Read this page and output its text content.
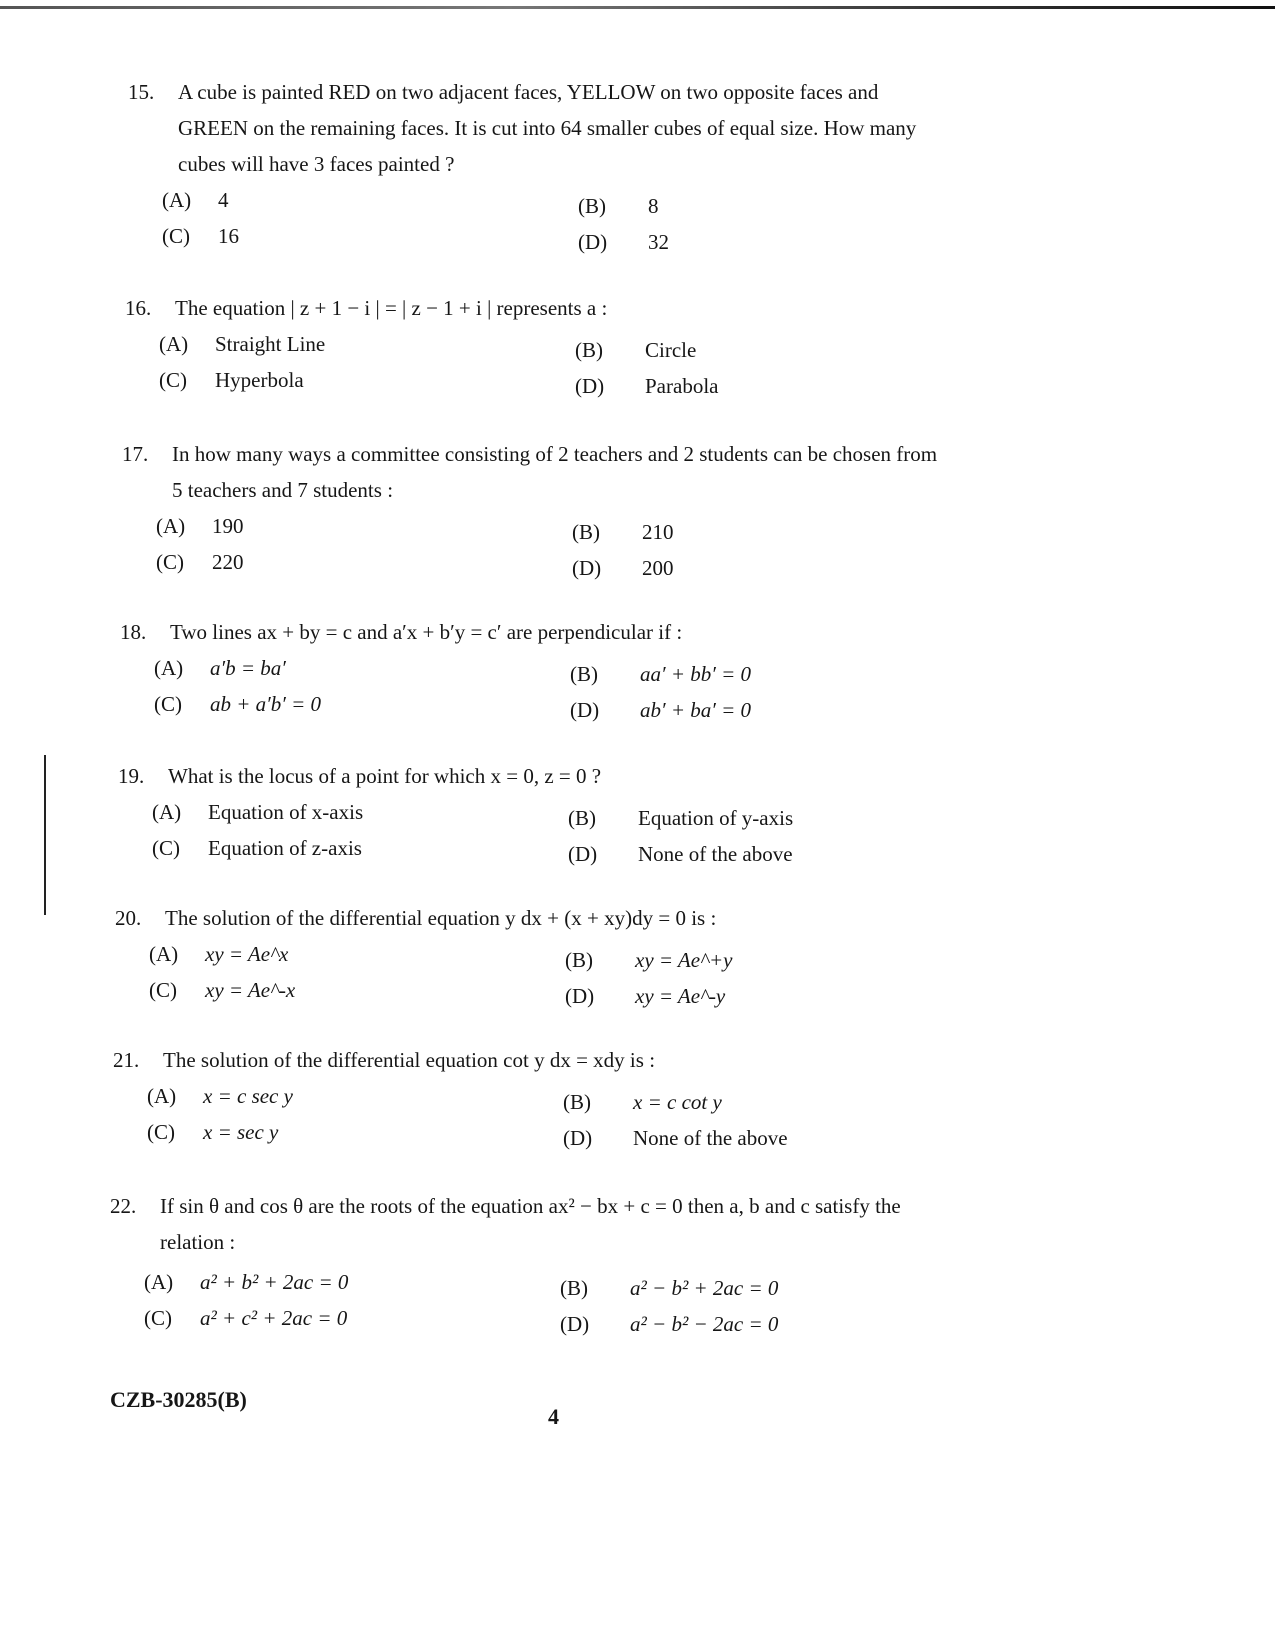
15. A cube is painted RED on two adjacent faces, YELLOW on two opposite faces and GREEN on the remaining faces. It is cut into 64 smaller cubes of equal size. How many cubes will have 3 faces painted ?
(A) 4	(B) 8
(C) 16	(D) 32
16. The equation | z + 1 − i | = | z − 1 + i | represents a :
(A) Straight Line	(B) Circle
(C) Hyperbola	(D) Parabola
17. In how many ways a committee consisting of 2 teachers and 2 students can be chosen from 5 teachers and 7 students :
(A) 190	(B) 210
(C) 220	(D) 200
18. Two lines ax + by = c and a′x + b′y = c′ are perpendicular if :
(A) a′b = ba′	(B) aa′ + bb′ = 0
(C) ab + a′b′ = 0	(D) ab′ + ba′ = 0
19. What is the locus of a point for which x = 0, z = 0 ?
(A) Equation of x-axis	(B) Equation of y-axis
(C) Equation of z-axis	(D) None of the above
20. The solution of the differential equation y dx + (x + xy)dy = 0 is :
(A) xy = Ae^x	(B) xy = Ae^+y
(C) xy = Ae^-x	(D) xy = Ae^-y
21. The solution of the differential equation cot y dx = xdy is :
(A) x = c sec y	(B) x = c cot y
(C) x = sec y	(D) None of the above
22. If sin θ and cos θ are the roots of the equation ax² − bx + c = 0 then a, b and c satisfy the relation :
(A) a² + b² + 2ac = 0	(B) a² − b² + 2ac = 0
(C) a² + c² + 2ac = 0	(D) a² − b² − 2ac = 0
CZB-30285(B)
4
